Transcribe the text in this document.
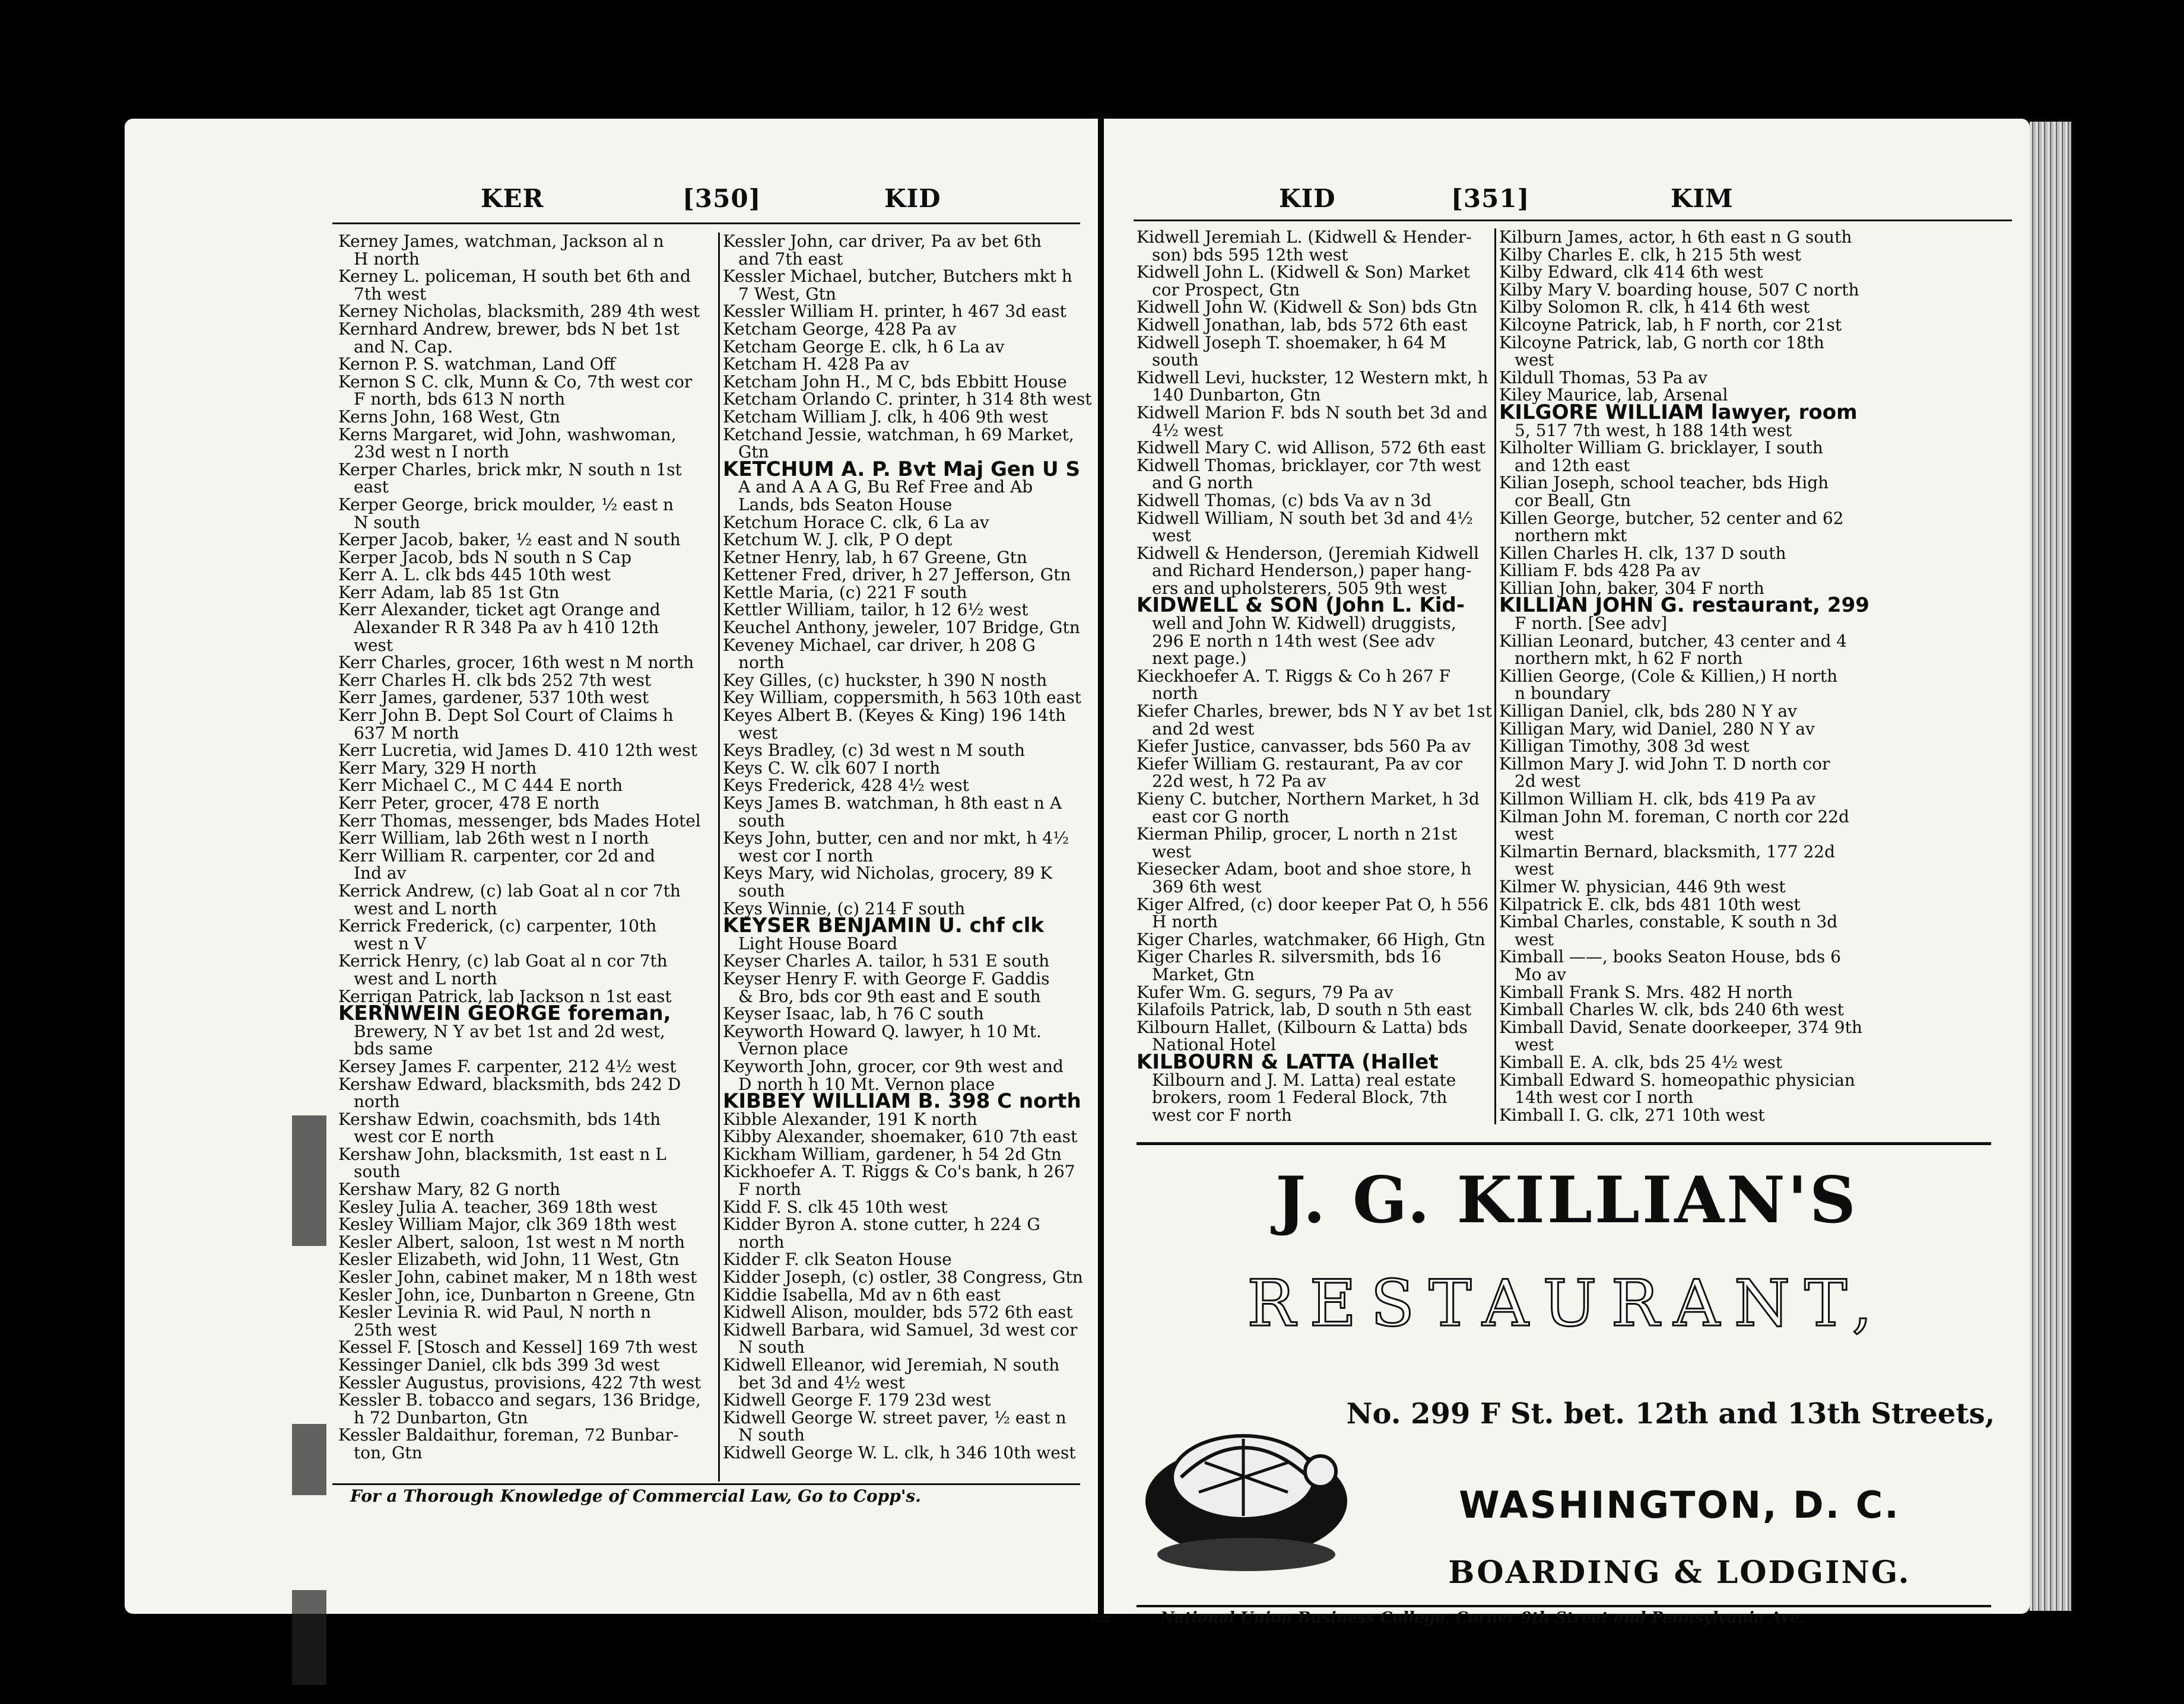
KER	[350]	KID
Kerney James, watchman, Jackson al n
H north
Kerney L. policeman, H south bet 6th and
7th west
Kerney Nicholas, blacksmith, 289 4th west
Kernhard Andrew, brewer, bds N bet 1st
and N. Cap.
Kernon P. S. watchman, Land Off
Kernon S C. clk, Munn & Co, 7th west cor
F north, bds 613 N north
Kerns John, 168 West, Gtn
Kerns Margaret, wid John, washwoman,
23d west n I north
Kerper Charles, brick mkr, N south n 1st
east
Kerper George, brick moulder, ½ east n
N south
Kerper Jacob, baker, ½ east and N south
Kerper Jacob, bds N south n S Cap
Kerr A. L. clk bds 445 10th west
Kerr Adam, lab 85 1st Gtn
Kerr Alexander, ticket agt Orange and
Alexander R R 348 Pa av h 410 12th
west
Kerr Charles, grocer, 16th west n M north
Kerr Charles H. clk bds 252 7th west
Kerr James, gardener, 537 10th west
Kerr John B. Dept Sol Court of Claims h
637 M north
Kerr Lucretia, wid James D. 410 12th west
Kerr Mary, 329 H north
Kerr Michael C., M C 444 E north
Kerr Peter, grocer, 478 E north
Kerr Thomas, messenger, bds Mades Hotel
Kerr William, lab 26th west n I north
Kerr William R. carpenter, cor 2d and
Ind av
Kerrick Andrew, (c) lab Goat al n cor 7th
west and L north
Kerrick Frederick, (c) carpenter, 10th
west n V
Kerrick Henry, (c) lab Goat al n cor 7th
west and L north
Kerrigan Patrick, lab Jackson n 1st east
KERNWEIN GEORGE foreman,
Brewery, N Y av bet 1st and 2d west,
bds same
Kersey James F. carpenter, 212 4½ west
Kershaw Edward, blacksmith, bds 242 D
north
Kershaw Edwin, coachsmith, bds 14th
west cor E north
Kershaw John, blacksmith, 1st east n L
south
Kershaw Mary, 82 G north
Kesley Julia A. teacher, 369 18th west
Kesley William Major, clk 369 18th west
Kesler Albert, saloon, 1st west n M north
Kesler Elizabeth, wid John, 11 West, Gtn
Kesler John, cabinet maker, M n 18th west
Kesler John, ice, Dunbarton n Greene, Gtn
Kesler Levinia R. wid Paul, N north n
25th west
Kessel F. [Stosch and Kessel] 169 7th west
Kessinger Daniel, clk bds 399 3d west
Kessler Augustus, provisions, 422 7th west
Kessler B. tobacco and segars, 136 Bridge,
h 72 Dunbarton, Gtn
Kessler Baldaithur, foreman, 72 Bunbar-
ton, Gtn
Kessler John, car driver, Pa av bet 6th
and 7th east
Kessler Michael, butcher, Butchers mkt h
7 West, Gtn
Kessler William H. printer, h 467 3d east
Ketcham George, 428 Pa av
Ketcham George E. clk, h 6 La av
Ketcham H. 428 Pa av
Ketcham John H., M C, bds Ebbitt House
Ketcham Orlando C. printer, h 314 8th west
Ketcham William J. clk, h 406 9th west
Ketchand Jessie, watchman, h 69 Market,
Gtn
KETCHUM A. P. Bvt Maj Gen U S
A and A A A G, Bu Ref Free and Ab
Lands, bds Seaton House
Ketchum Horace C. clk, 6 La av
Ketchum W. J. clk, P O dept
Ketner Henry, lab, h 67 Greene, Gtn
Kettener Fred, driver, h 27 Jefferson, Gtn
Kettle Maria, (c) 221 F south
Kettler William, tailor, h 12 6½ west
Keuchel Anthony, jeweler, 107 Bridge, Gtn
Keveney Michael, car driver, h 208 G
north
Key Gilles, (c) huckster, h 390 N nosth
Key William, coppersmith, h 563 10th east
Keyes Albert B. (Keyes & King) 196 14th
west
Keys Bradley, (c) 3d west n M south
Keys C. W. clk 607 I north
Keys Frederick, 428 4½ west
Keys James B. watchman, h 8th east n A
south
Keys John, butter, cen and nor mkt, h 4½
west cor I north
Keys Mary, wid Nicholas, grocery, 89 K
south
Keys Winnie, (c) 214 F south
KEYSER BENJAMIN U. chf clk
Light House Board
Keyser Charles A. tailor, h 531 E south
Keyser Henry F. with George F. Gaddis
& Bro, bds cor 9th east and E south
Keyser Isaac, lab, h 76 C south
Keyworth Howard Q. lawyer, h 10 Mt.
Vernon place
Keyworth John, grocer, cor 9th west and
D north h 10 Mt. Vernon place
KIBBEY WILLIAM B. 398 C north
Kibble Alexander, 191 K north
Kibby Alexander, shoemaker, 610 7th east
Kickham William, gardener, h 54 2d Gtn
Kickhoefer A. T. Riggs & Co's bank, h 267
F north
Kidd F. S. clk 45 10th west
Kidder Byron A. stone cutter, h 224 G
north
Kidder F. clk Seaton House
Kidder Joseph, (c) ostler, 38 Congress, Gtn
Kiddie Isabella, Md av n 6th east
Kidwell Alison, moulder, bds 572 6th east
Kidwell Barbara, wid Samuel, 3d west cor
N south
Kidwell Elleanor, wid Jeremiah, N south
bet 3d and 4½ west
Kidwell George F. 179 23d west
Kidwell George W. street paver, ½ east n
N south
Kidwell George W. L. clk, h 346 10th west
For a Thorough Knowledge of Commercial Law, Go to Copp's.
KID	[351]	KIM
Kidwell Jeremiah L. (Kidwell & Hender-
son) bds 595 12th west
Kidwell John L. (Kidwell & Son) Market
cor Prospect, Gtn
Kidwell John W. (Kidwell & Son) bds Gtn
Kidwell Jonathan, lab, bds 572 6th east
Kidwell Joseph T. shoemaker, h 64 M
south
Kidwell Levi, huckster, 12 Western mkt, h
140 Dunbarton, Gtn
Kidwell Marion F. bds N south bet 3d and
4½ west
Kidwell Mary C. wid Allison, 572 6th east
Kidwell Thomas, bricklayer, cor 7th west
and G north
Kidwell Thomas, (c) bds Va av n 3d
Kidwell William, N south bet 3d and 4½
west
Kidwell & Henderson, (Jeremiah Kidwell
and Richard Henderson,) paper hang-
ers and upholsterers, 505 9th west
KIDWELL & SON (John L. Kid-
well and John W. Kidwell) druggists,
296 E north n 14th west (See adv
next page.)
Kieckhoefer A. T. Riggs & Co h 267 F
north
Kiefer Charles, brewer, bds N Y av bet 1st
and 2d west
Kiefer Justice, canvasser, bds 560 Pa av
Kiefer William G. restaurant, Pa av cor
22d west, h 72 Pa av
Kieny C. butcher, Northern Market, h 3d
east cor G north
Kierman Philip, grocer, L north n 21st
west
Kiesecker Adam, boot and shoe store, h
369 6th west
Kiger Alfred, (c) door keeper Pat O, h 556
H north
Kiger Charles, watchmaker, 66 High, Gtn
Kiger Charles R. silversmith, bds 16
Market, Gtn
Kufer Wm. G. segurs, 79 Pa av
Kilafoils Patrick, lab, D south n 5th east
Kilbourn Hallet, (Kilbourn & Latta) bds
National Hotel
KILBOURN & LATTA (Hallet
Kilbourn and J. M. Latta) real estate
brokers, room 1 Federal Block, 7th
west cor F north
Kilburn James, actor, h 6th east n G south
Kilby Charles E. clk, h 215 5th west
Kilby Edward, clk 414 6th west
Kilby Mary V. boarding house, 507 C north
Kilby Solomon R. clk, h 414 6th west
Kilcoyne Patrick, lab, h F north, cor 21st
Kilcoyne Patrick, lab, G north cor 18th
west
Kildull Thomas, 53 Pa av
Kiley Maurice, lab, Arsenal
KILGORE WILLIAM lawyer, room
5, 517 7th west, h 188 14th west
Kilholter William G. bricklayer, I south
and 12th east
Kilian Joseph, school teacher, bds High
cor Beall, Gtn
Killen George, butcher, 52 center and 62
northern mkt
Killen Charles H. clk, 137 D south
Killiam F. bds 428 Pa av
Killian John, baker, 304 F north
KILLIAN JOHN G. restaurant, 299
F north. [See adv]
Killian Leonard, butcher, 43 center and 4
northern mkt, h 62 F north
Killien George, (Cole & Killien,) H north
n boundary
Killigan Daniel, clk, bds 280 N Y av
Killigan Mary, wid Daniel, 280 N Y av
Killigan Timothy, 308 3d west
Killmon Mary J. wid John T. D north cor
2d west
Killmon William H. clk, bds 419 Pa av
Kilman John M. foreman, C north cor 22d
west
Kilmartin Bernard, blacksmith, 177 22d
west
Kilmer W. physician, 446 9th west
Kilpatrick E. clk, bds 481 10th west
Kimbal Charles, constable, K south n 3d
west
Kimball ——, books Seaton House, bds 6
Mo av
Kimball Frank S. Mrs. 482 H north
Kimball Charles W. clk, bds 240 6th west
Kimball David, Senate doorkeeper, 374 9th
west
Kimball E. A. clk, bds 25 4½ west
Kimball Edward S. homeopathic physician
14th west cor I north
Kimball I. G. clk, 271 10th west
J. G. KILLIAN'S
RESTAURANT,
No. 299 F St. bet. 12th and 13th Streets,
WASHINGTON, D. C.
BOARDING & LODGING.
National Union Business College, Corner 9th Street and Pennsylvania Ave.
